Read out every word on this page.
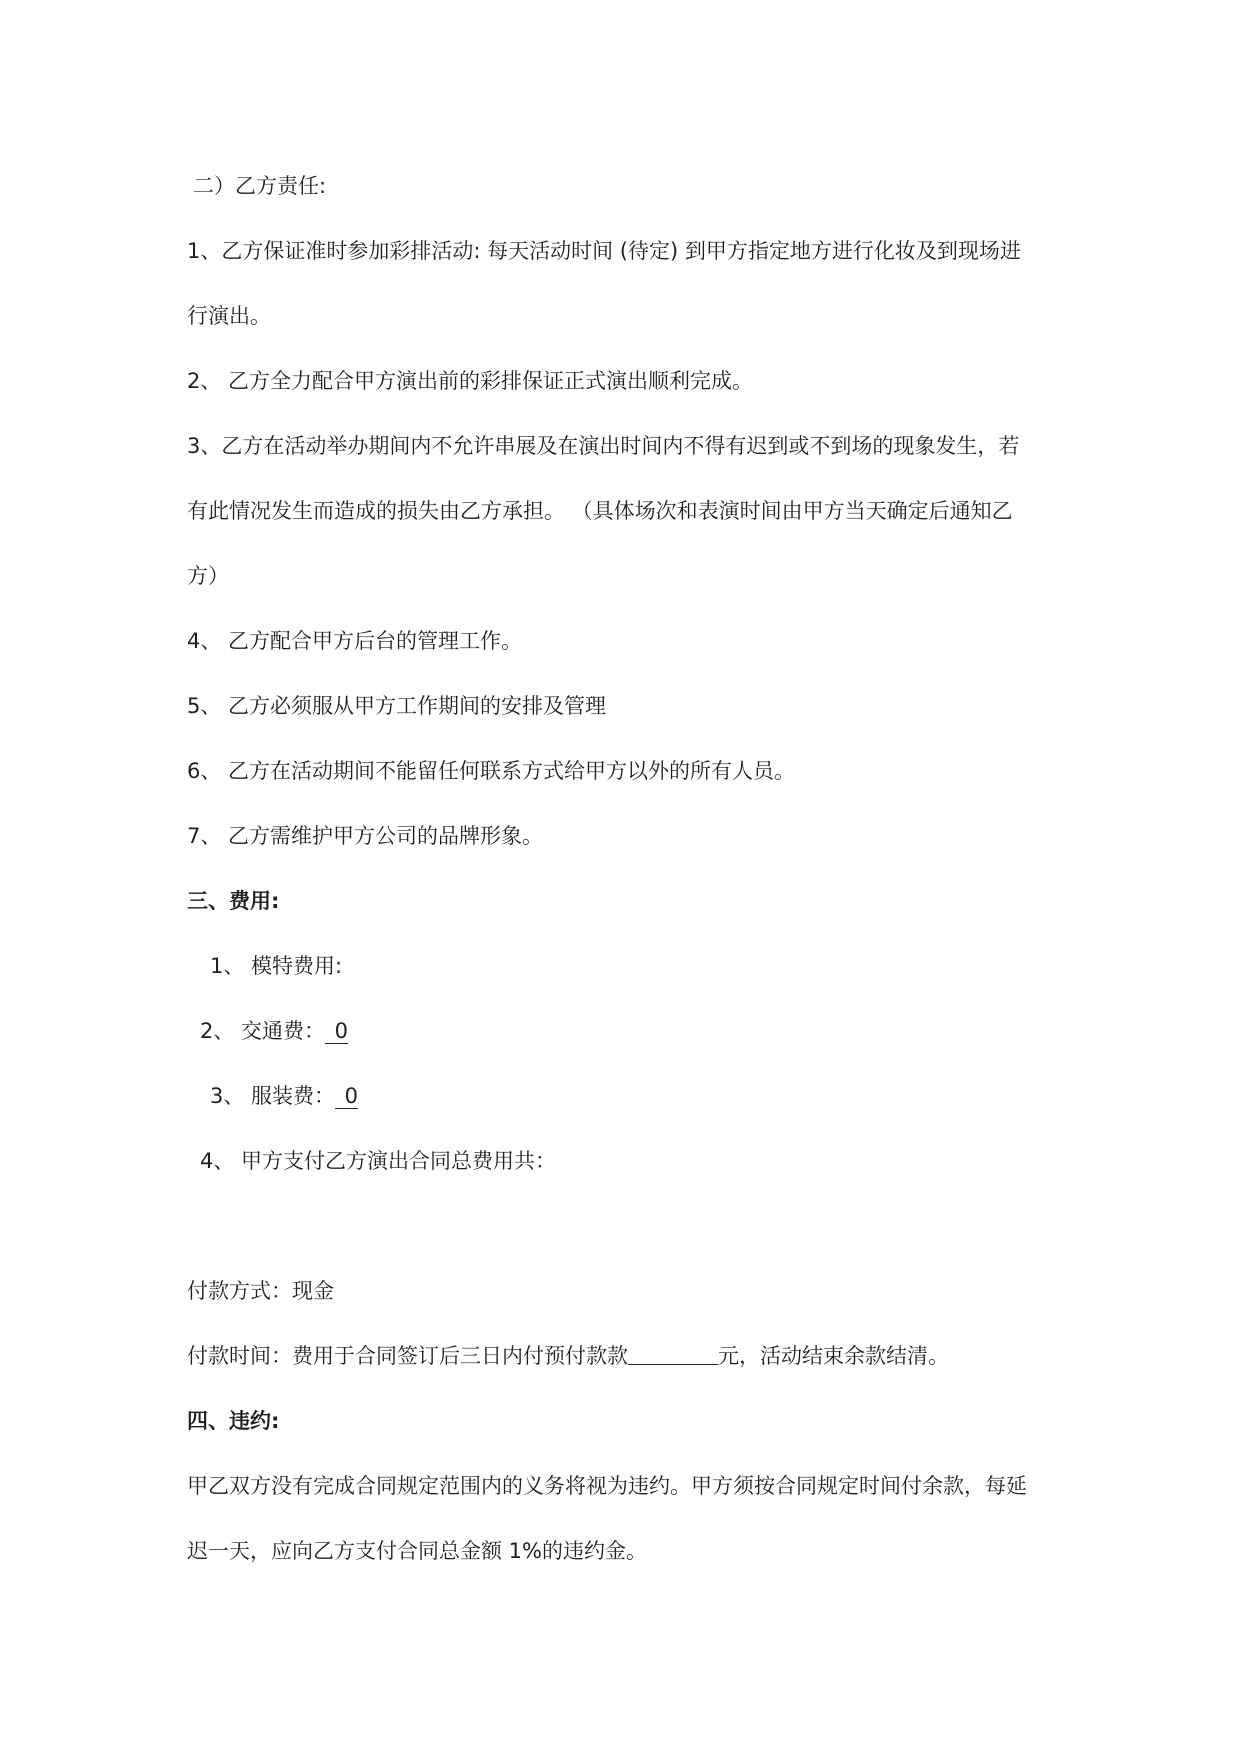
二）乙方责任:
1、乙方保证准时参加彩排活动: 每天活动时间 (待定) 到甲方指定地方进行化妆及到现场进
行演出。
2、 乙方全力配合甲方演出前的彩排保证正式演出顺利完成。
3、乙方在活动举办期间内不允许串展及在演出时间内不得有迟到或不到场的现象发生，若
有此情况发生而造成的损失由乙方承担。 （具体场次和表演时间由甲方当天确定后通知乙
方）
4、 乙方配合甲方后台的管理工作。
5、 乙方必须服从甲方工作期间的安排及管理
6、 乙方在活动期间不能留任何联系方式给甲方以外的所有人员。
7、 乙方需维护甲方公司的品牌形象。
三、费用:
1、 模特费用:
2、 交通费： 0
3、 服装费： 0
4、 甲方支付乙方演出合同总费用共：
付款方式：现金
付款时间：费用于合同签订后三日内付预付款款	元，活动结束余款结清。
四、违约:
甲乙双方没有完成合同规定范围内的义务将视为违约。甲方须按合同规定时间付余款，每延
迟一天，应向乙方支付合同总金额 1%的违约金。
